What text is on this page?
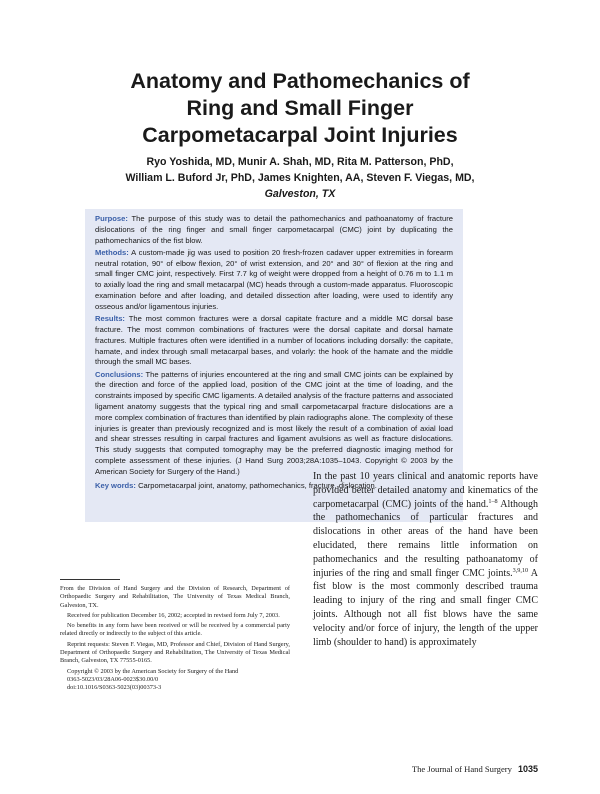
Anatomy and Pathomechanics of
Ring and Small Finger
Carpometacarpal Joint Injuries
Ryo Yoshida, MD, Munir A. Shah, MD, Rita M. Patterson, PhD,
William L. Buford Jr, PhD, James Knighten, AA, Steven F. Viegas, MD,
Galveston, TX

Purpose: The purpose of this study was to detail the pathomechanics and pathoanatomy of fracture dislocations of the ring finger and small finger carpometacarpal (CMC) joint by duplicating the pathomechanics of the fist blow.

Methods: A custom-made jig was used to position 20 fresh-frozen cadaver upper extremities in forearm neutral rotation, 90° of elbow flexion, 20° of wrist extension, and 20° and 30° of flexion at the ring and small finger CMC joint, respectively. First 7.7 kg of weight were dropped from a height of 0.76 m to 1.1 m to axially load the ring and small metacarpal (MC) heads through a custom-made apparatus. Fluoroscopic examination before and after loading, and detailed dissection after loading, were used to identify any osseous and/or ligamentous injuries.

Results: The most common fractures were a dorsal capitate fracture and a middle MC dorsal base fracture. The most common combinations of fractures were the dorsal capitate and dorsal hamate fractures. Multiple fractures often were identified in a number of locations including dorsally: the capitate, hamate, and index through small metacarpal bases, and volarly: the hook of the hamate and the middle through the small MC bases.

Conclusions: The patterns of injuries encountered at the ring and small CMC joints can be explained by the direction and force of the applied load, position of the CMC joint at the time of loading, and the constraints imposed by specific CMC ligaments. A detailed analysis of the fracture patterns and associated ligament anatomy suggests that the typical ring and small carpometacarpal fracture dislocations are a more complex combination of fractures than identified by plain radiographs alone. The complexity of these injuries is greater than previously recognized and is most likely the result of a combination of axial load and shear stresses resulting in carpal fractures and ligament avulsions as well as fracture dislocations. This study suggests that computed tomography may be the preferred diagnostic imaging method for complete assessment of these injuries. (J Hand Surg 2003;28A:1035–1043. Copyright © 2003 by the American Society for Surgery of the Hand.)

Key words: Carpometacarpal joint, anatomy, pathomechanics, fracture, dislocation.

From the Division of Hand Surgery and the Division of Research, Department of Orthopaedic Surgery and Rehabilitation, The University of Texas Medical Branch, Galveston, TX.

Received for publication December 16, 2002; accepted in revised form July 7, 2003.

No benefits in any form have been received or will be received by a commercial party related directly or indirectly to the subject of this article.

Reprint requests: Steven F. Viegas, MD, Professor and Chief, Division of Hand Surgery, Department of Orthopaedic Surgery and Rehabilitation, The University of Texas Medical Branch, Galveston, TX 77555-0165.

Copyright © 2003 by the American Society for Surgery of the Hand

0363-5023/03/28A06-0023$30.00/0

doi:10.1016/S0363-5023(03)00373-3

In the past 10 years clinical and anatomic reports have provided better detailed anatomy and kinematics of the carpometacarpal (CMC) joints of the hand.$^{1-8}$ Although the pathomechanics of particular fractures and dislocations in other areas of the hand have been elucidated, there remains little information on pathomechanics and the resulting pathoanatomy of injuries of the ring and small finger CMC joints.$^{3,9,10}$ A fist blow is the most commonly described trauma leading to injury of the ring and small finger CMC joints. Although not all fist blows have the same velocity and/or force of injury, the length of the upper limb (shoulder to hand) is approximately

The Journal of Hand Surgery 1035
